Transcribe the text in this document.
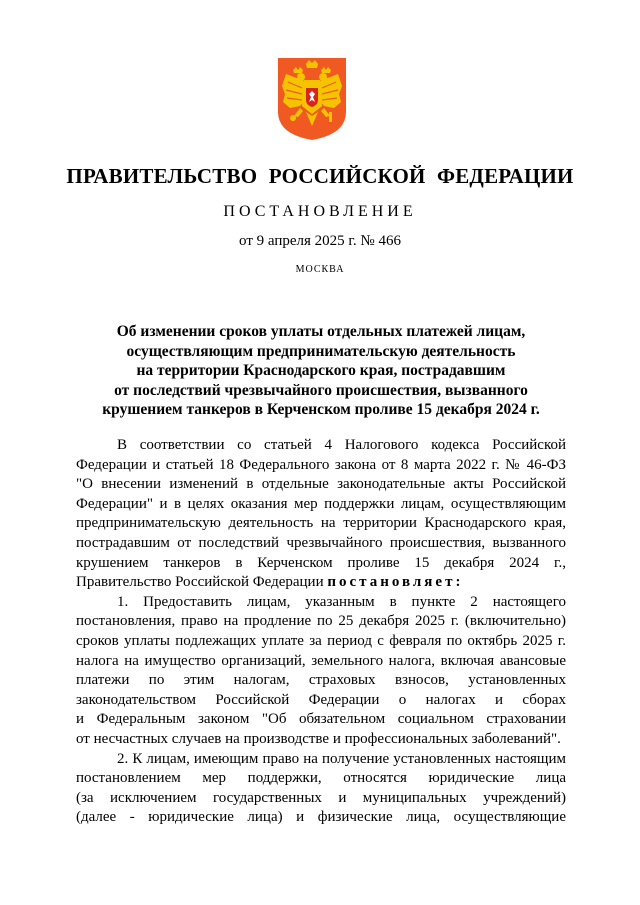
ПРАВИТЕЛЬСТВО РОССИЙСКОЙ ФЕДЕРАЦИИ
ПОСТАНОВЛЕНИЕ
от 9 апреля 2025 г. № 466
МОСКВА
Об изменении сроков уплаты отдельных платежей лицам,
осуществляющим предпринимательскую деятельность
на территории Краснодарского края, пострадавшим
от последствий чрезвычайного происшествия, вызванного
крушением танкеров в Керченском проливе 15 декабря 2024 г.
В соответствии со статьей 4 Налогового кодекса Российской
Федерации и статьей 18 Федерального закона от 8 марта 2022 г. № 46-ФЗ
"О внесении изменений в отдельные законодательные акты Российской
Федерации" и в целях оказания мер поддержки лицам, осуществляющим
предпринимательскую деятельность на территории Краснодарского края,
пострадавшим от последствий чрезвычайного происшествия, вызванного
крушением танкеров в Керченском проливе 15 декабря 2024 г.,
Правительство Российской Федерации постановляет:
1. Предоставить лицам, указанным в пункте 2 настоящего
постановления, право на продление по 25 декабря 2025 г. (включительно)
сроков уплаты подлежащих уплате за период с февраля по октябрь 2025 г.
налога на имущество организаций, земельного налога, включая авансовые
платежи по этим налогам, страховых взносов, установленных
законодательством Российской Федерации о налогах и сборах
и Федеральным законом "Об обязательном социальном страховании
от несчастных случаев на производстве и профессиональных заболеваний".
2. К лицам, имеющим право на получение установленных настоящим
постановлением мер поддержки, относятся юридические лица
(за исключением государственных и муниципальных учреждений)
(далее - юридические лица) и физические лица, осуществляющие
